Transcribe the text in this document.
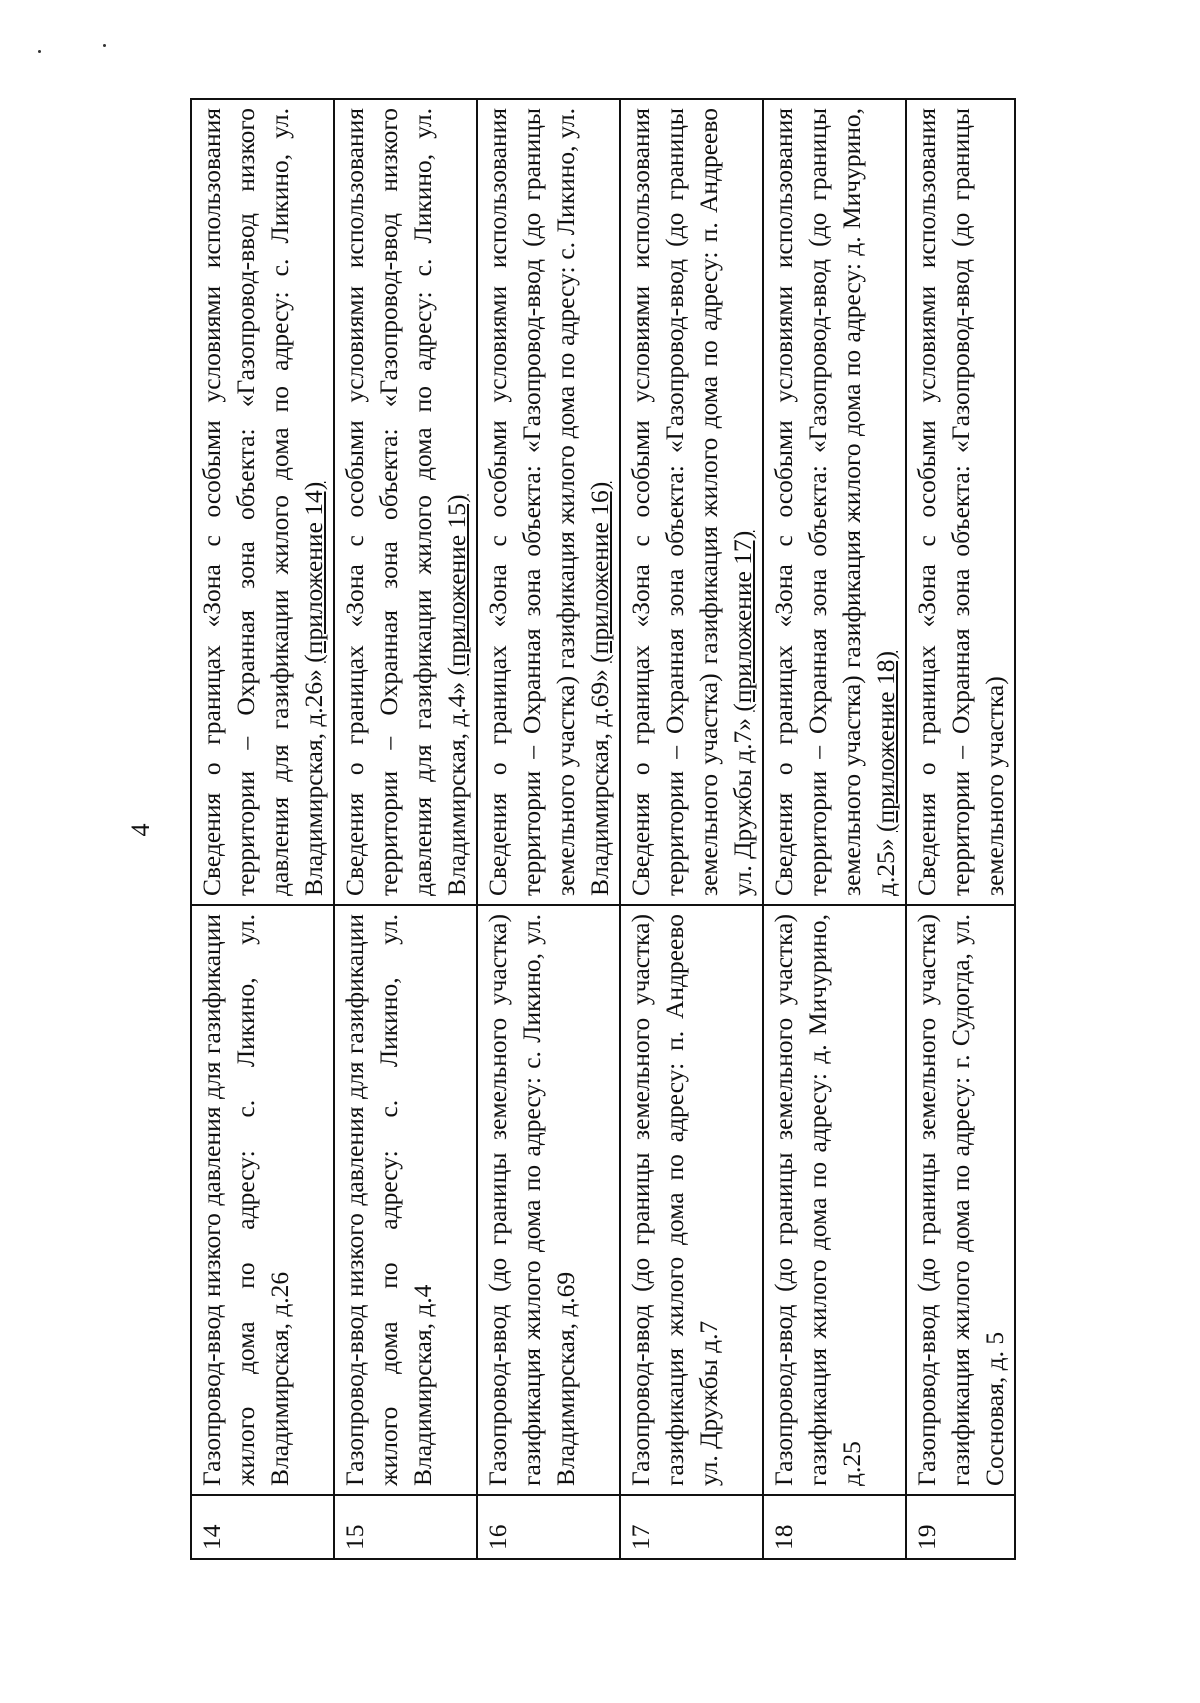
4
14	Газопровод-ввод низкого давления для газификации жилого дома по адресу: с. Ликино, ул. Владимирская, д.26	Сведения о границах «Зона с особыми условиями использования территории – Охранная зона объекта: «Газопровод-ввод низкого давления для газификации жилого дома по адресу: с. Ликино, ул. Владимирская, д.26» (приложение 14)
15	Газопровод-ввод низкого давления для газификации жилого дома по адресу: с. Ликино, ул. Владимирская, д.4	Сведения о границах «Зона с особыми условиями использования территории – Охранная зона объекта: «Газопровод-ввод низкого давления для газификации жилого дома по адресу: с. Ликино, ул. Владимирская, д.4» (приложение 15)
16	Газопровод-ввод (до границы земельного участка) газификация жилого дома по адресу: с. Ликино, ул. Владимирская, д.69	Сведения о границах «Зона с особыми условиями использования территории – Охранная зона объекта: «Газопровод-ввод (до границы земельного участка) газификация жилого дома по адресу: с. Ликино, ул. Владимирская, д.69» (приложение 16)
17	Газопровод-ввод (до границы земельного участка) газификация жилого дома по адресу: п. Андреево ул. Дружбы д.7	Сведения о границах «Зона с особыми условиями использования территории – Охранная зона объекта: «Газопровод-ввод (до границы земельного участка) газификация жилого дома по адресу: п. Андреево ул. Дружбы д.7» (приложение 17)
18	Газопровод-ввод (до границы земельного участка) газификация жилого дома по адресу: д. Мичурино, д.25	Сведения о границах «Зона с особыми условиями использования территории – Охранная зона объекта: «Газопровод-ввод (до границы земельного участка) газификация жилого дома по адресу: д. Мичурино, д.25» (приложение 18)
19	Газопровод-ввод (до границы земельного участка) газификация жилого дома по адресу: г. Судогда, ул. Сосновая, д. 5	Сведения о границах «Зона с особыми условиями использования территории – Охранная зона объекта: «Газопровод-ввод (до границы земельного участка)
